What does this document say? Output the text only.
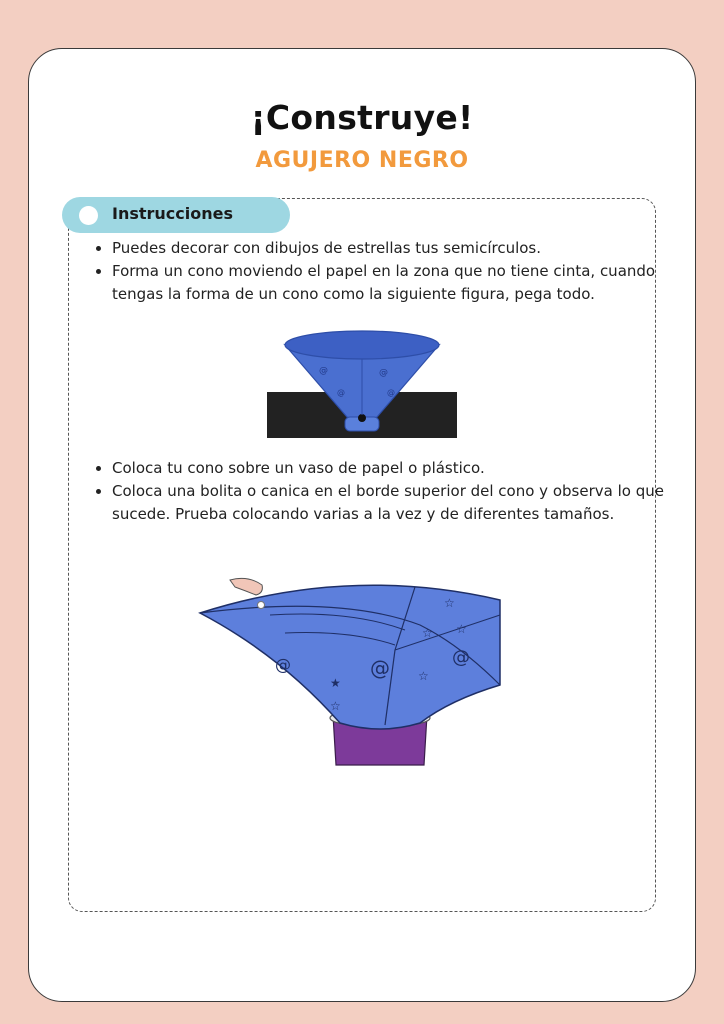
¡Construye!
AGUJERO NEGRO
Instrucciones
• Puedes decorar con dibujos de estrellas tus semicírculos.
• Forma un cono moviendo el papel en la zona que no tiene cinta, cuando tengas la forma de un cono como la siguiente figura, pega todo.
@	@
@	@
• Coloca tu cono sobre un vaso de papel o plástico.
• Coloca una bolita o canica en el borde superior del cono y observa lo que sucede. Prueba colocando varias a la vez y de diferentes tamaños.
@	@	@
★
☆
☆
☆
☆
☆
